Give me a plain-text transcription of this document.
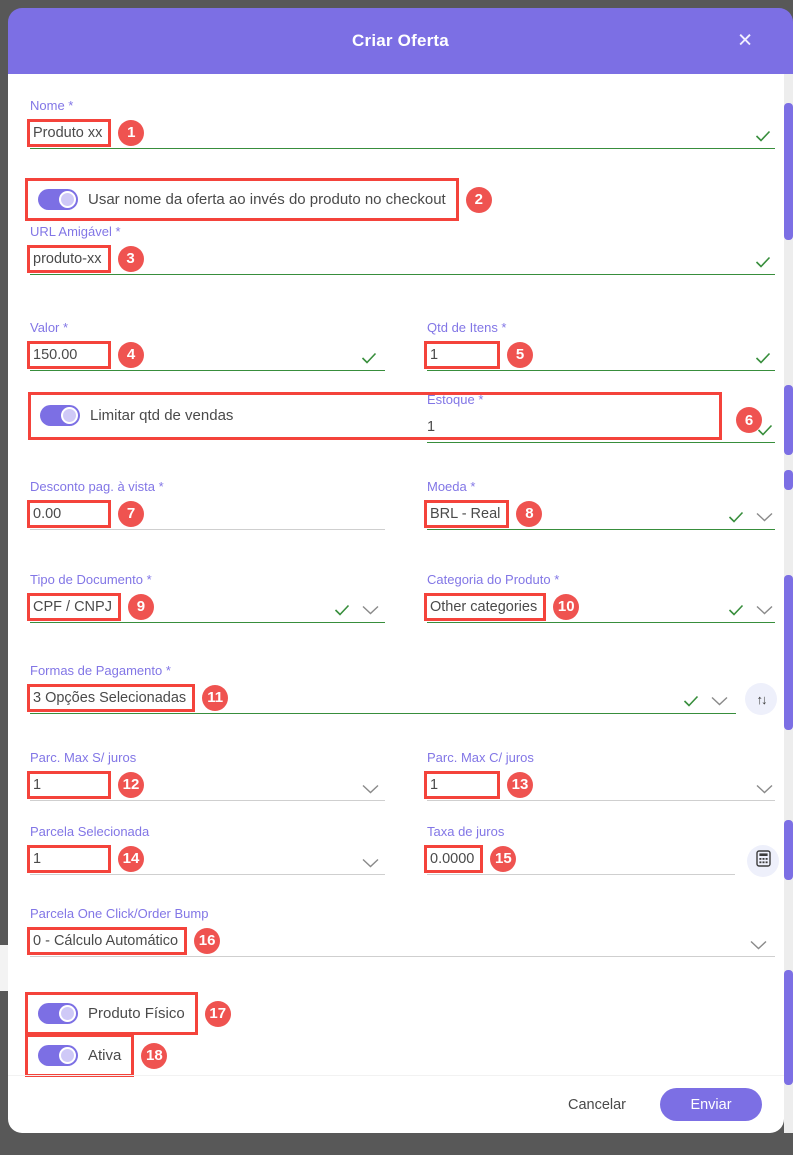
Criar Oferta	✕
Nome *
Produto xx	1
Usar nome da oferta ao invés do produto no checkout	2
URL Amigável *
produto-xx	3
Valor *
150.00	4
Qtd de Itens *
1	5
Limitar qtd de vendas
Estoque *
1	6
Desconto pag. à vista *
0.00	7
Moeda *
BRL - Real	8
Tipo de Documento *
CPF / CNPJ	9
Categoria do Produto *
Other categories	10
Formas de Pagamento *
3 Opções Selecionadas	11	↑↓
Parc. Max S/ juros
1	12
Parc. Max C/ juros
1	13
Parcela Selecionada
1	14
Taxa de juros
0.0000	15
Parcela One Click/Order Bump
0 - Cálculo Automático	16
Produto Físico	17
Ativa	18
Cancelar	Enviar
